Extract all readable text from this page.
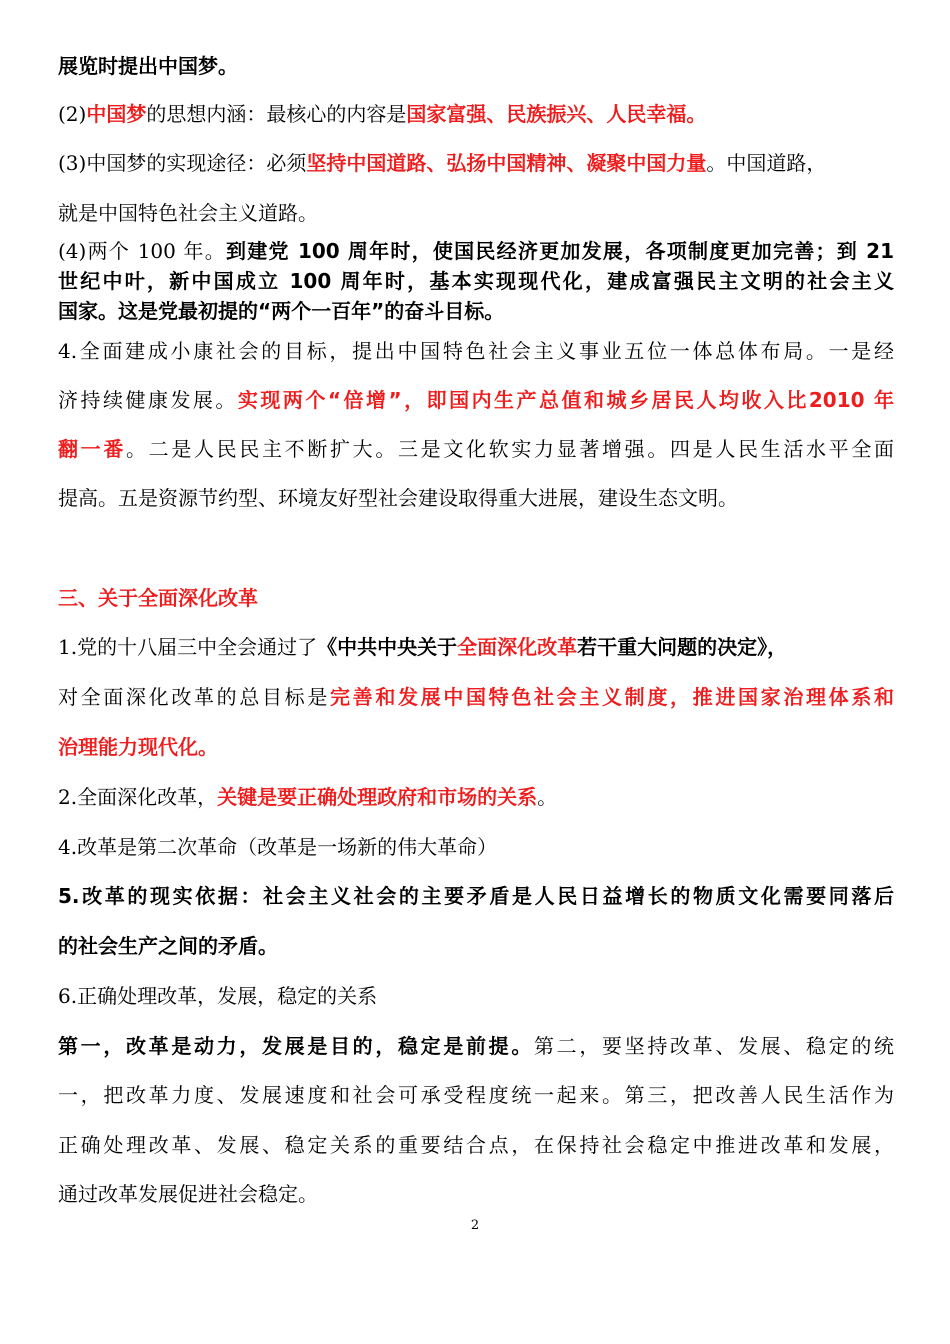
展览时提出中国梦。
(2)中国梦的思想内涵：最核心的内容是国家富强、民族振兴、人民幸福。
(3)中国梦的实现途径：必须坚持中国道路、弘扬中国精神、凝聚中国力量。中国道路，
就是中国特色社会主义道路。
(4)两个 100 年。到建党 100 周年时，使国民经济更加发展，各项制度更加完善；到 21
世纪中叶，新中国成立 100 周年时，基本实现现代化，建成富强民主文明的社会主义
国家。这是党最初提的“两个一百年”的奋斗目标。
4.全面建成小康社会的目标，提出中国特色社会主义事业五位一体总体布局。一是经
济持续健康发展。实现两个“倍增”，即国内生产总值和城乡居民人均收入比2010 年
翻一番。二是人民民主不断扩大。三是文化软实力显著增强。四是人民生活水平全面
提高。五是资源节约型、环境友好型社会建设取得重大进展，建设生态文明。
三、关于全面深化改革
1.党的十八届三中全会通过了《中共中央关于全面深化改革若干重大问题的决定》，
对全面深化改革的总目标是完善和发展中国特色社会主义制度，推进国家治理体系和
治理能力现代化。
2.全面深化改革，关键是要正确处理政府和市场的关系。
4.改革是第二次革命（改革是一场新的伟大革命）
5.改革的现实依据：社会主义社会的主要矛盾是人民日益增长的物质文化需要同落后
的社会生产之间的矛盾。
6.正确处理改革，发展，稳定的关系
第一，改革是动力，发展是目的，稳定是前提。第二，要坚持改革、发展、稳定的统
一，把改革力度、发展速度和社会可承受程度统一起来。第三，把改善人民生活作为
正确处理改革、发展、稳定关系的重要结合点，在保持社会稳定中推进改革和发展，
通过改革发展促进社会稳定。
2
